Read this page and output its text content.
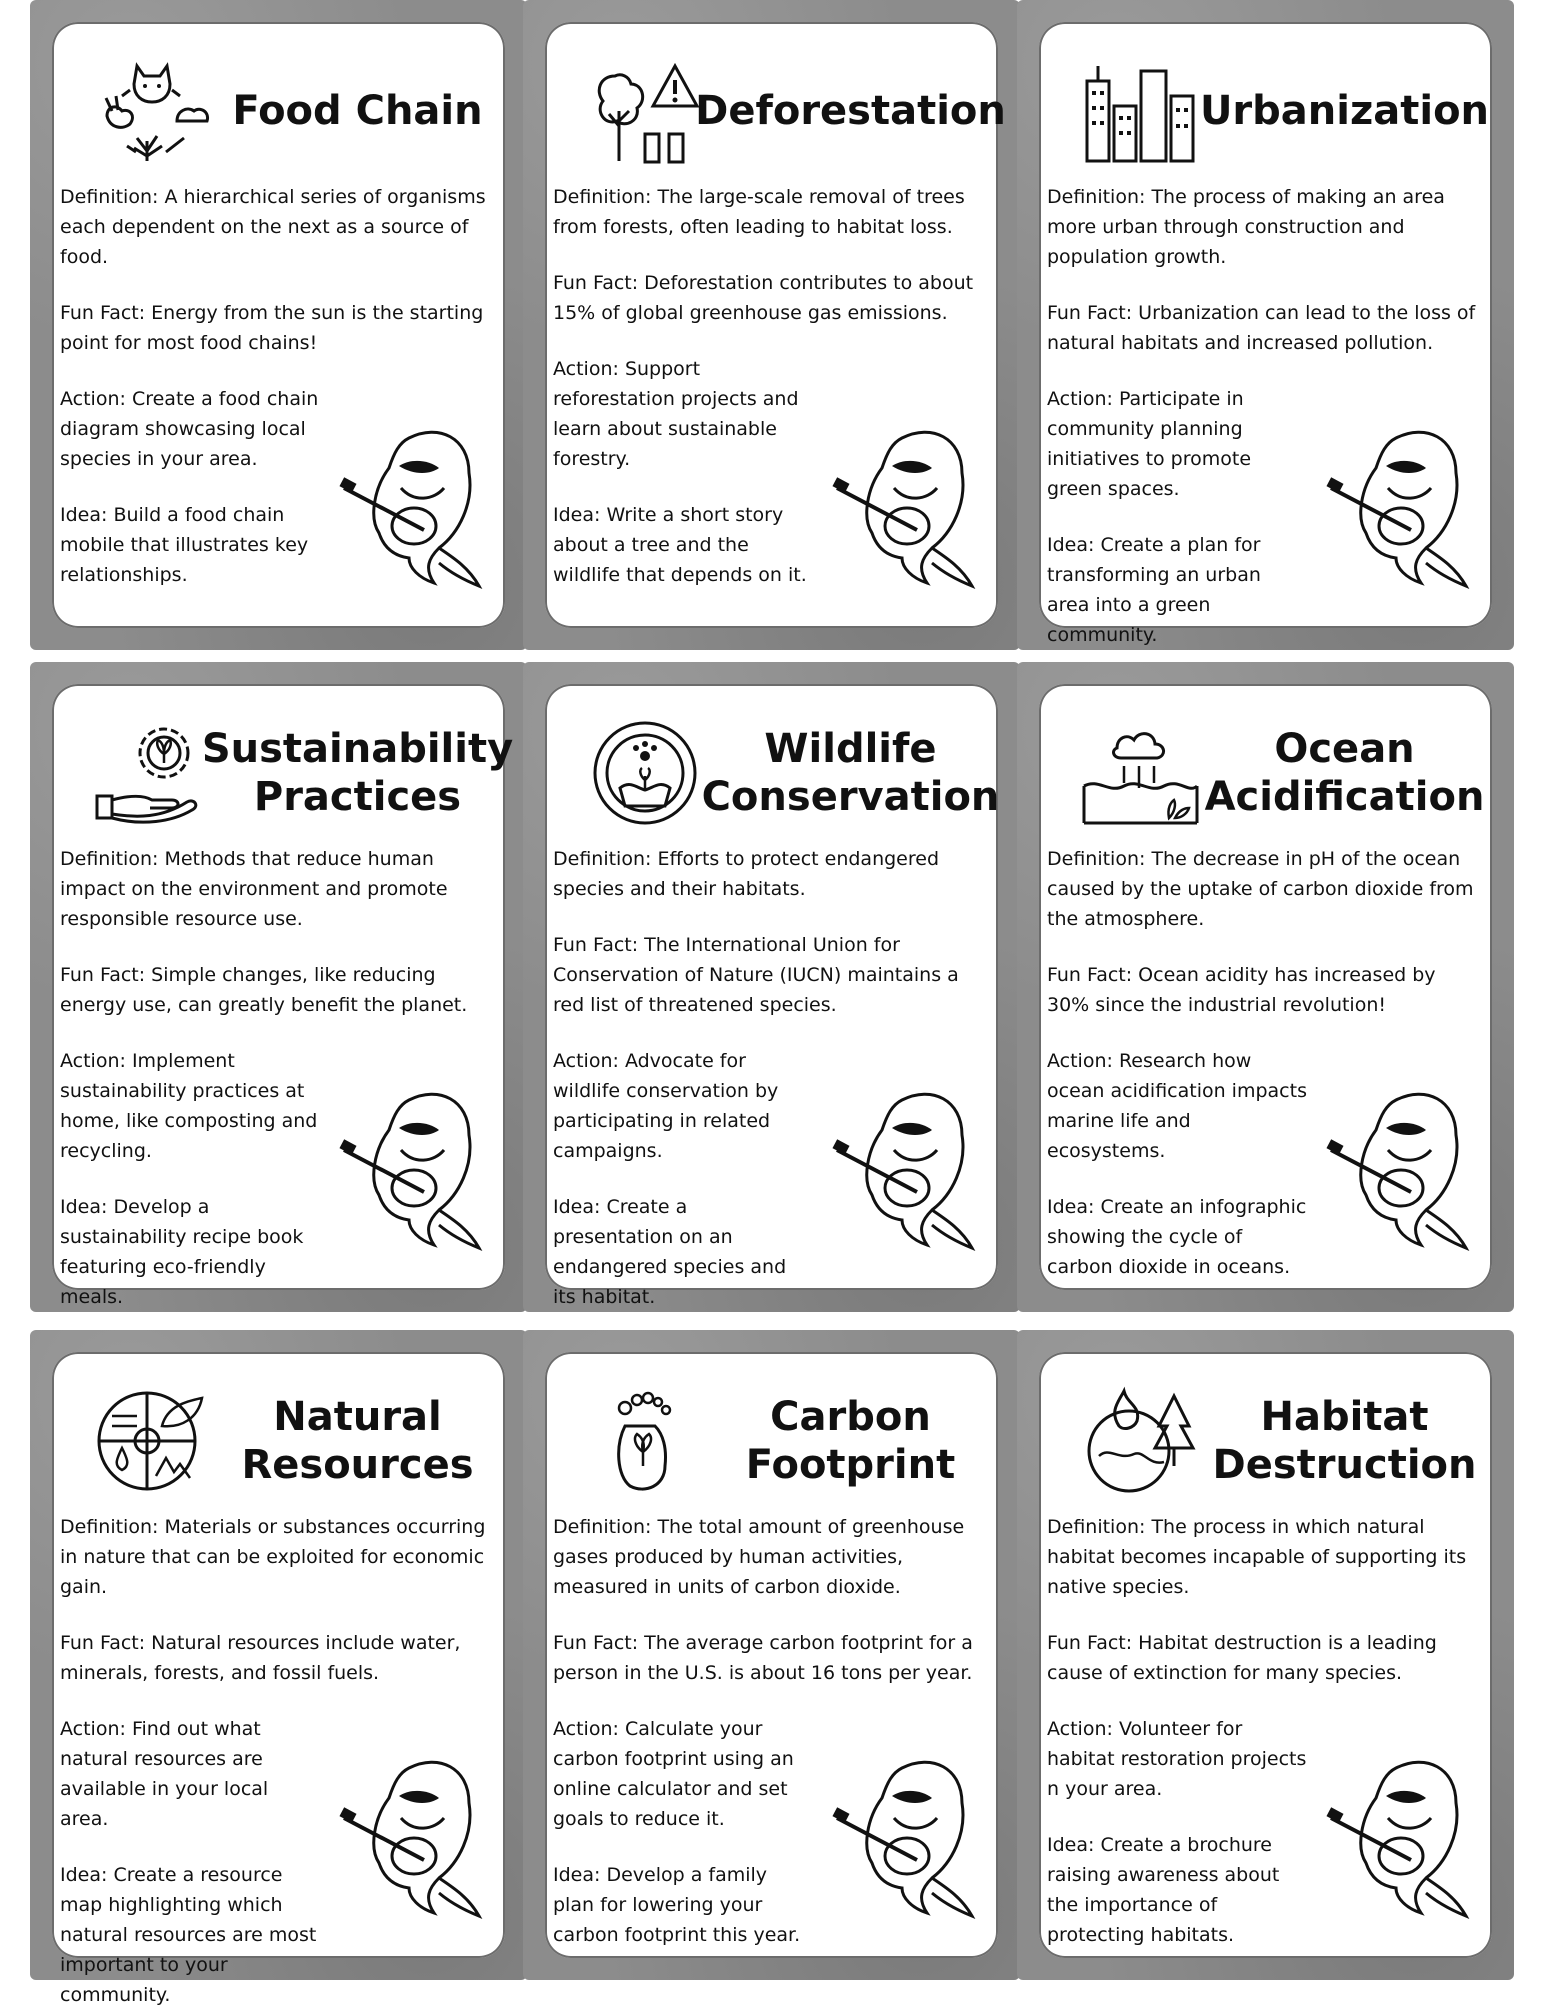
Food Chain
Definition: A hierarchical series of organisms each dependent on the next as a source of food.
Fun Fact: Energy from the sun is the starting point for most food chains!
Action: Create a food chain diagram showcasing local species in your area.
Idea: Build a food chain mobile that illustrates key relationships.
Deforestation
Definition: The large-scale removal of trees from forests, often leading to habitat loss.
Fun Fact: Deforestation contributes to about 15% of global greenhouse gas emissions.
Action: Support reforestation projects and learn about sustainable forestry.
Idea: Write a short story about a tree and the wildlife that depends on it.
Urbanization
Definition: The process of making an area more urban through construction and population growth.
Fun Fact: Urbanization can lead to the loss of natural habitats and increased pollution.
Action: Participate in community planning initiatives to promote green spaces.
Idea: Create a plan for transforming an urban area into a green community.
Sustainability
Practices
Definition: Methods that reduce human impact on the environment and promote responsible resource use.
Fun Fact: Simple changes, like reducing energy use, can greatly benefit the planet.
Action: Implement sustainability practices at home, like composting and recycling.
Idea: Develop a sustainability recipe book featuring eco-friendly meals.
Wildlife
Conservation
Definition: Efforts to protect endangered species and their habitats.
Fun Fact: The International Union for Conservation of Nature (IUCN) maintains a red list of threatened species.
Action: Advocate for wildlife conservation by participating in related campaigns.
Idea: Create a presentation on an endangered species and its habitat.
Ocean
Acidification
Definition: The decrease in pH of the ocean caused by the uptake of carbon dioxide from the atmosphere.
Fun Fact: Ocean acidity has increased by 30% since the industrial revolution!
Action: Research how ocean acidification impacts marine life and ecosystems.
Idea: Create an infographic showing the cycle of carbon dioxide in oceans.
Natural
Resources
Definition: Materials or substances occurring in nature that can be exploited for economic gain.
Fun Fact: Natural resources include water, minerals, forests, and fossil fuels.
Action: Find out what natural resources are available in your local area.
Idea: Create a resource map highlighting which natural resources are most important to your community.
Carbon
Footprint
Definition: The total amount of greenhouse gases produced by human activities, measured in units of carbon dioxide.
Fun Fact: The average carbon footprint for a person in the U.S. is about 16 tons per year.
Action: Calculate your carbon footprint using an online calculator and set goals to reduce it.
Idea: Develop a family plan for lowering your carbon footprint this year.
Habitat
Destruction
Definition: The process in which natural habitat becomes incapable of supporting its native species.
Fun Fact: Habitat destruction is a leading cause of extinction for many species.
Action: Volunteer for habitat restoration projects n your area.
Idea: Create a brochure raising awareness about the importance of protecting habitats.
